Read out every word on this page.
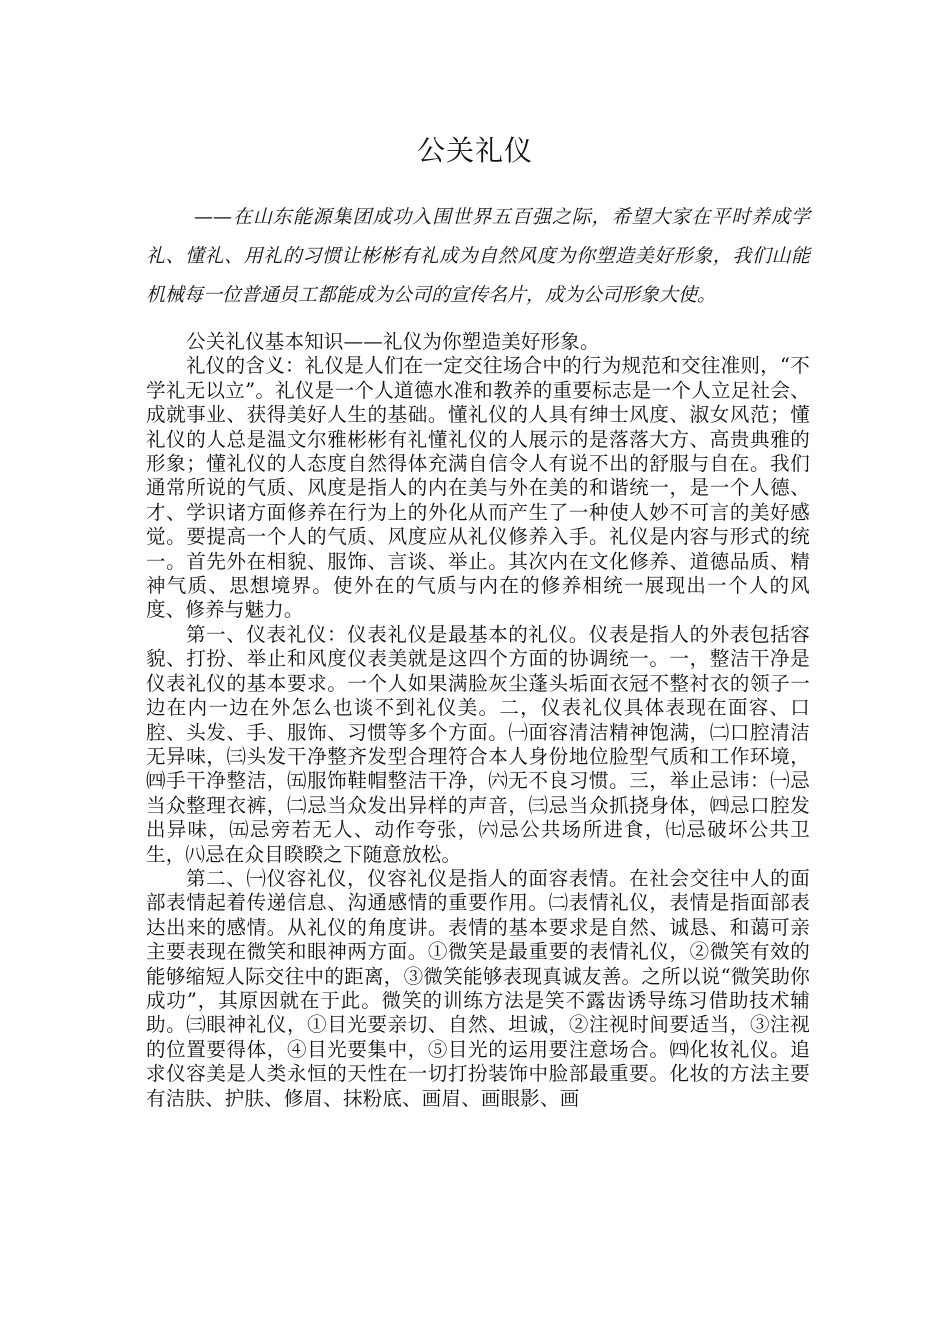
公关礼仪

——在山东能源集团成功入围世界五百强之际，希望大家在平时养成学礼、懂礼、用礼的习惯让彬彬有礼成为自然风度为你塑造美好形象，我们山能机械每一位普通员工都能成为公司的宣传名片，成为公司形象大使。

公关礼仪基本知识——礼仪为你塑造美好形象。

礼仪的含义：礼仪是人们在一定交往场合中的行为规范和交往准则，“不学礼无以立”。礼仪是一个人道德水准和教养的重要标志是一个人立足社会、成就事业、获得美好人生的基础。懂礼仪的人具有绅士风度、淑女风范；懂礼仪的人总是温文尔雅彬彬有礼懂礼仪的人展示的是落落大方、高贵典雅的形象；懂礼仪的人态度自然得体充满自信令人有说不出的舒服与自在。我们通常所说的气质、风度是指人的内在美与外在美的和谐统一，是一个人德、才、学识诸方面修养在行为上的外化从而产生了一种使人妙不可言的美好感觉。要提高一个人的气质、风度应从礼仪修养入手。礼仪是内容与形式的统一。首先外在相貌、服饰、言谈、举止。其次内在文化修养、道德品质、精神气质、思想境界。使外在的气质与内在的修养相统一展现出一个人的风度、修养与魅力。

第一、仪表礼仪：仪表礼仪是最基本的礼仪。仪表是指人的外表包括容貌、打扮、举止和风度仪表美就是这四个方面的协调统一。一，整洁干净是仪表礼仪的基本要求。一个人如果满脸灰尘蓬头垢面衣冠不整衬衣的领子一边在内一边在外怎么也谈不到礼仪美。二，仪表礼仪具体表现在面容、口腔、头发、手、服饰、习惯等多个方面。㈠面容清洁精神饱满，㈡口腔清洁无异味，㈢头发干净整齐发型合理符合本人身份地位脸型气质和工作环境，㈣手干净整洁，㈤服饰鞋帽整洁干净，㈥无不良习惯。三，举止忌讳：㈠忌当众整理衣裤，㈡忌当众发出异样的声音，㈢忌当众抓挠身体，㈣忌口腔发出异味，㈤忌旁若无人、动作夸张，㈥忌公共场所进食，㈦忌破坏公共卫生，㈧忌在众目睽睽之下随意放松。

第二、㈠仪容礼仪，仪容礼仪是指人的面容表情。在社会交往中人的面部表情起着传递信息、沟通感情的重要作用。㈡表情礼仪，表情是指面部表达出来的感情。从礼仪的角度讲。表情的基本要求是自然、诚恳、和蔼可亲主要表现在微笑和眼神两方面。①微笑是最重要的表情礼仪，②微笑有效的能够缩短人际交往中的距离，③微笑能够表现真诚友善。之所以说“微笑助你成功”，其原因就在于此。微笑的训练方法是笑不露齿诱导练习借助技术辅助。㈢眼神礼仪，①目光要亲切、自然、坦诚，②注视时间要适当，③注视的位置要得体，④目光要集中，⑤目光的运用要注意场合。㈣化妆礼仪。追求仪容美是人类永恒的天性在一切打扮装饰中脸部最重要。化妆的方法主要有洁肤、护肤、修眉、抹粉底、画眉、画眼影、画
